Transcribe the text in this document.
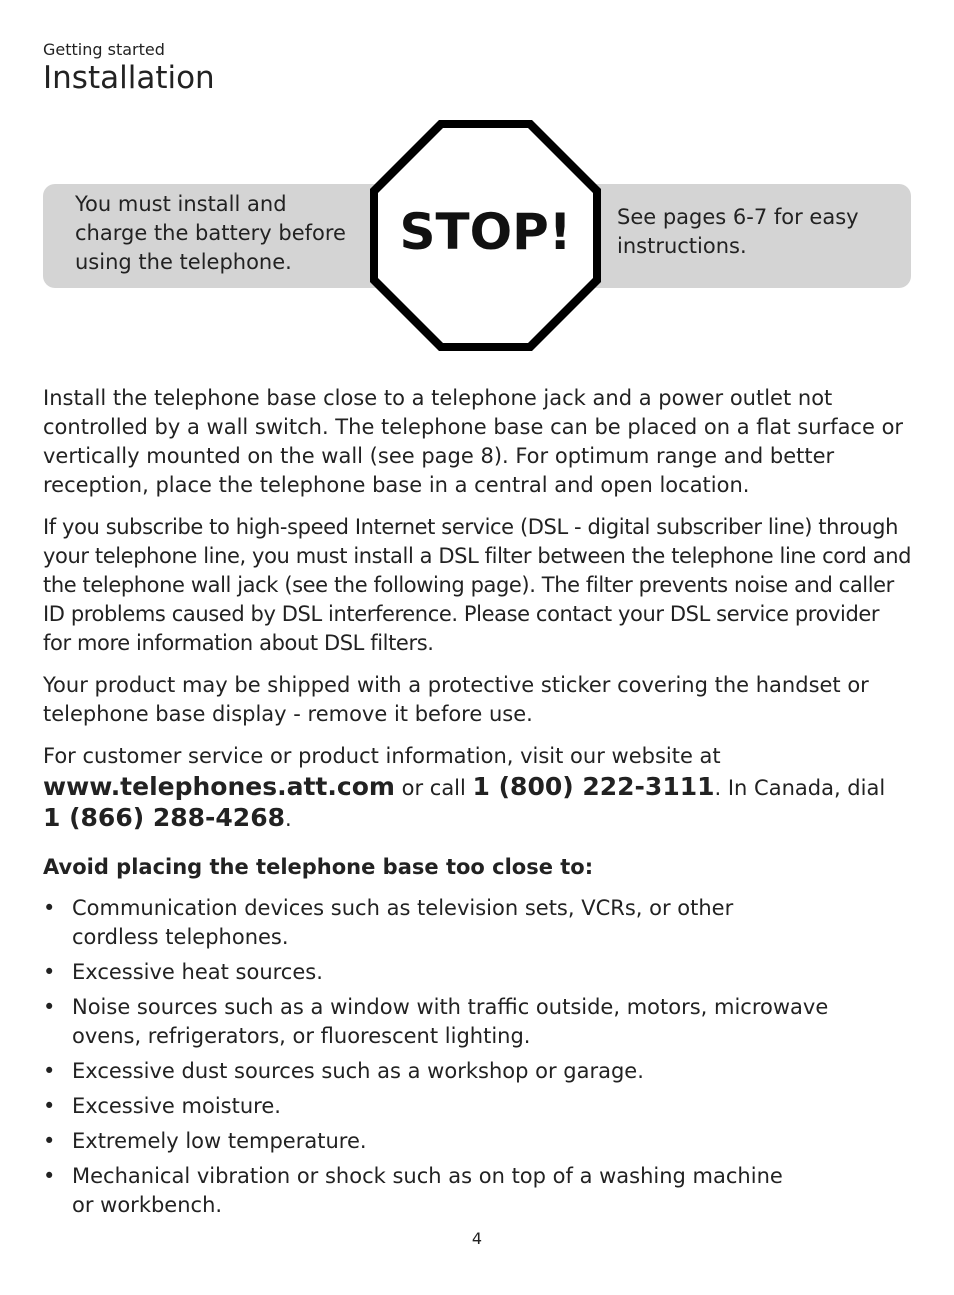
Getting started
Installation
You must install and charge the battery before using the telephone.
See pages 6-7 for easy instructions.
STOP!

Install the telephone base close to a telephone jack and a power outlet not controlled by a wall switch. The telephone base can be placed on a flat surface or vertically mounted on the wall (see page 8). For optimum range and better reception, place the telephone base in a central and open location.

If you subscribe to high-speed Internet service (DSL - digital subscriber line) through your telephone line, you must install a DSL filter between the telephone line cord and the telephone wall jack (see the following page). The filter prevents noise and caller ID problems caused by DSL interference. Please contact your DSL service provider for more information about DSL filters.

Your product may be shipped with a protective sticker covering the handset or telephone base display - remove it before use.

For customer service or product information, visit our website at

www.telephones.att.com or call 1 (800) 222-3111. In Canada, dial
1 (866) 288-4268.
Avoid placing the telephone base too close to:
• Communication devices such as television sets, VCRs, or other
cordless telephones.
• Excessive heat sources.
• Noise sources such as a window with traffic outside, motors, microwave
ovens, refrigerators, or fluorescent lighting.
• Excessive dust sources such as a workshop or garage.
• Excessive moisture.
• Extremely low temperature.
• Mechanical vibration or shock such as on top of a washing machine
or workbench.
4
